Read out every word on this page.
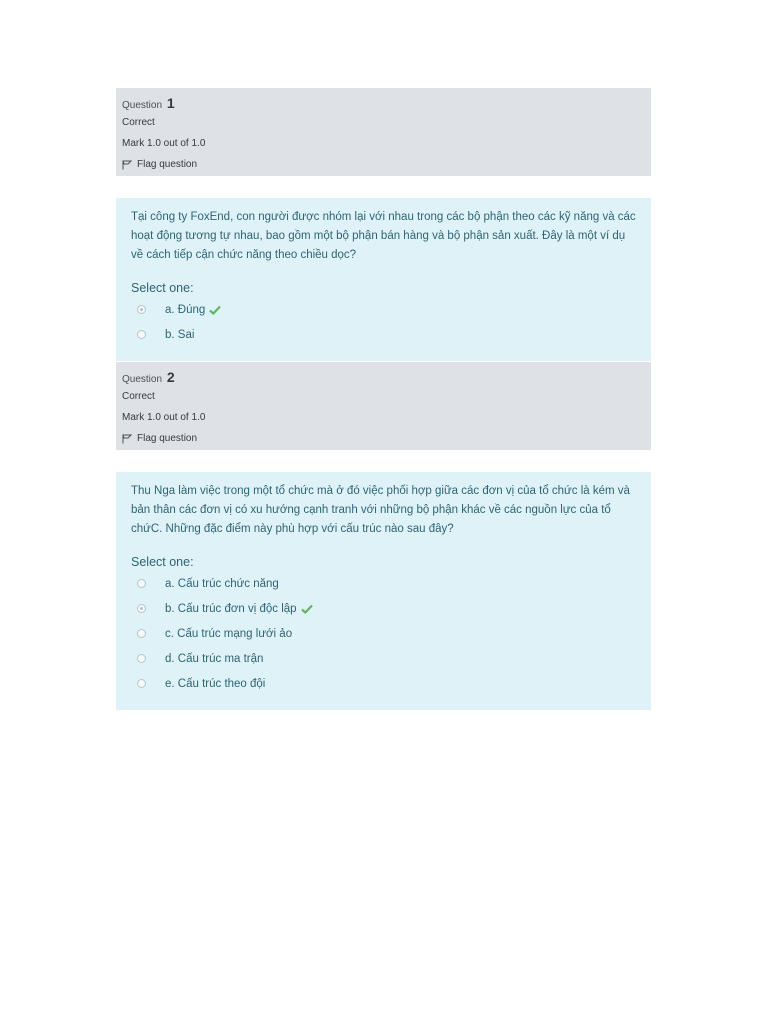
Question 1
Correct
Mark 1.0 out of 1.0
Flag question
Tại công ty FoxEnd, con người được nhóm lại với nhau trong các bộ phận theo các kỹ năng và các hoạt động tương tự nhau, bao gồm một bộ phận bán hàng và bộ phận sản xuất. Đây là một ví dụ về cách tiếp cận chức năng theo chiều dọc?
Select one:
a. Đúng
b. Sai
Question 2
Correct
Mark 1.0 out of 1.0
Flag question
Thu Nga làm việc trong một tổ chức mà ở đó việc phối hợp giữa các đơn vị của tổ chức là kém và bản thân các đơn vị có xu hướng cạnh tranh với những bộ phận khác về các nguồn lực của tổ chứC. Những đặc điểm này phù hợp với cấu trúc nào sau đây?
Select one:
a. Cấu trúc chức năng
b. Cấu trúc đơn vị độc lập
c. Cấu trúc mạng lưới ảo
d. Cấu trúc ma trận
e. Cấu trúc theo đội
